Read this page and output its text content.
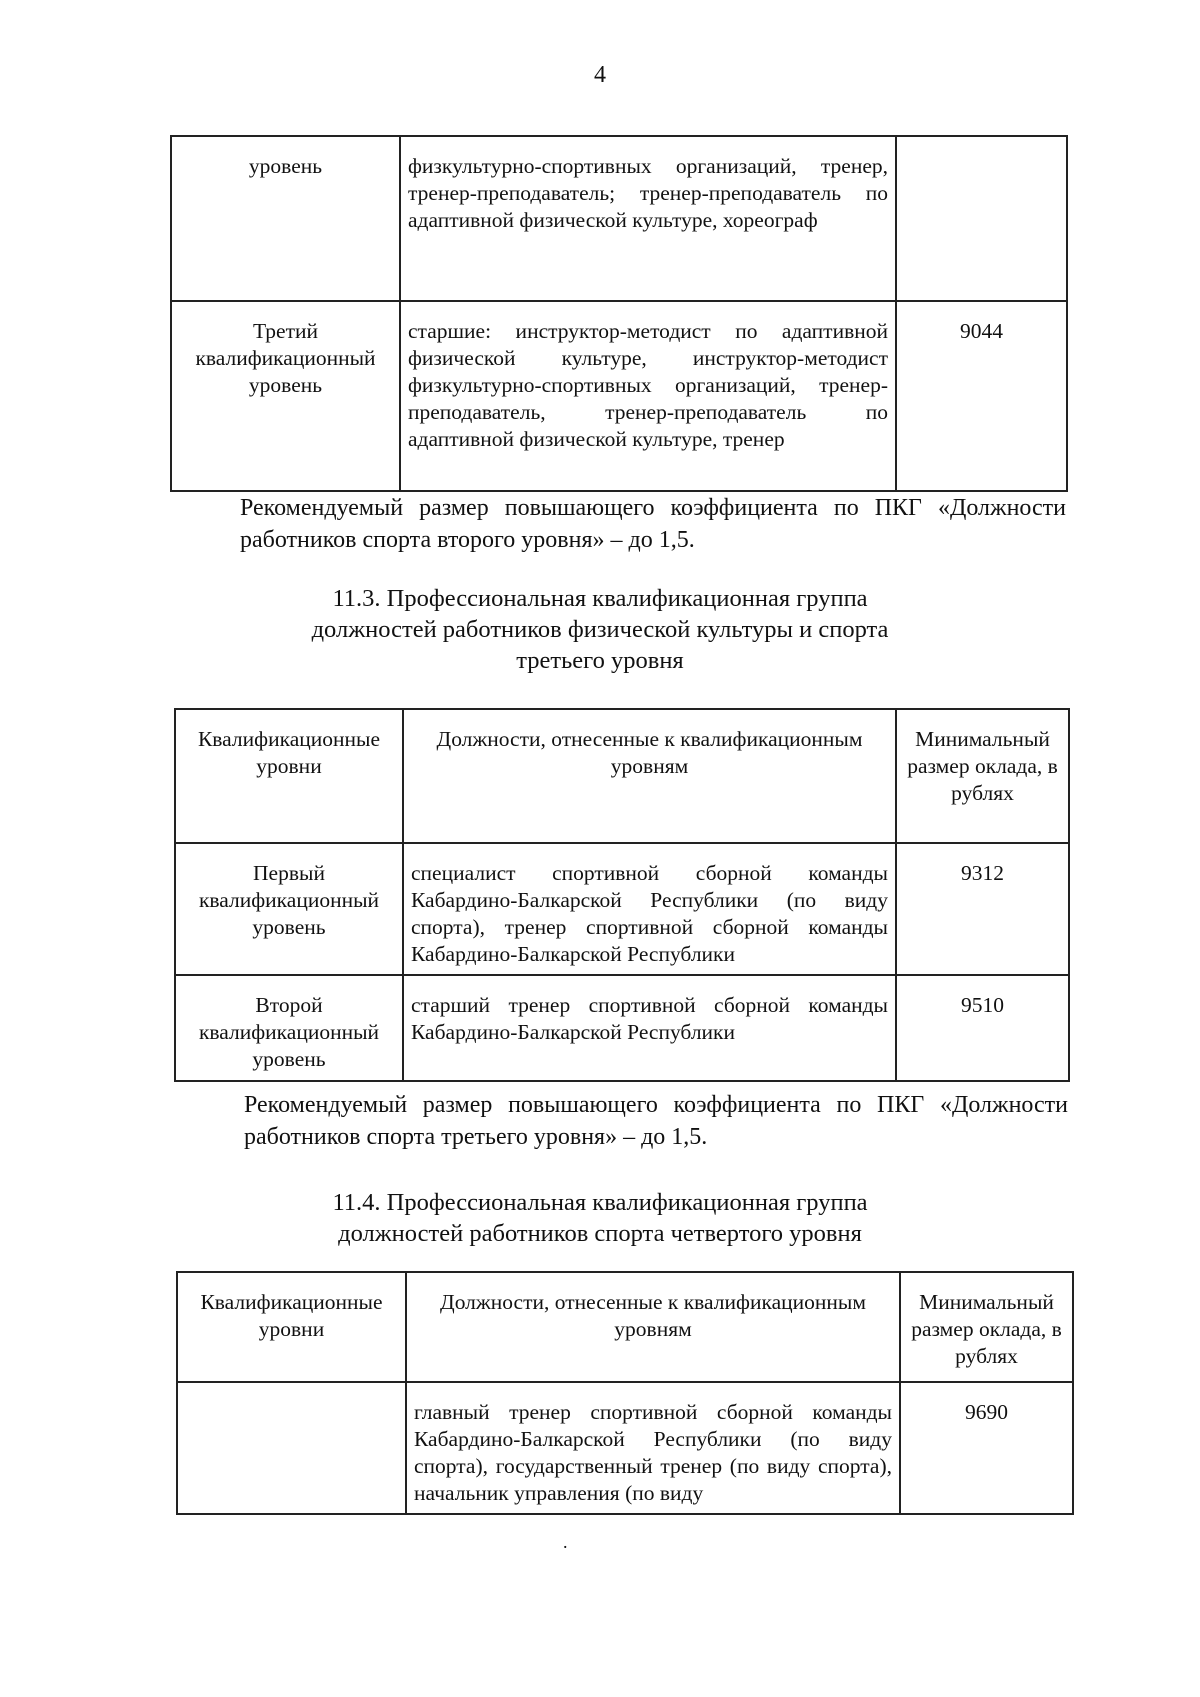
4
уровень	физкультурно-спортивных организаций, тренер, тренер-преподаватель; тренер-преподаватель по адаптивной физической культуре, хореограф	
Третий квалификационный уровень	старшие: инструктор-методист по адаптивной физической культуре, инструктор-методист физкультурно-спортивных организаций, тренер-преподаватель, тренер-преподаватель по адаптивной физической культуре, тренер	9044
Рекомендуемый размер повышающего коэффициента по ПКГ «Должности работников спорта второго уровня» – до 1,5.
11.3. Профессиональная квалификационная группа
должностей работников физической культуры и спорта
третьего уровня
Квалификационные уровни	Должности, отнесенные к квалификационным уровням	Минимальный размер оклада, в рублях
Первый квалификационный уровень	специалист спортивной сборной команды Кабардино-Балкарской Республики (по виду спорта), тренер спортивной сборной команды Кабардино-Балкарской Республики	9312
Второй квалификационный уровень	старший тренер спортивной сборной команды Кабардино-Балкарской Республики	9510
Рекомендуемый размер повышающего коэффициента по ПКГ «Должности работников спорта третьего уровня» – до 1,5.
11.4. Профессиональная квалификационная группа
должностей работников спорта четвертого уровня
Квалификационные уровни	Должности, отнесенные к квалификационным уровням	Минимальный размер оклада, в рублях
	главный тренер спортивной сборной команды Кабардино-Балкарской Республики (по виду спорта), государственный тренер (по виду спорта), начальник управления (по виду	9690
.
